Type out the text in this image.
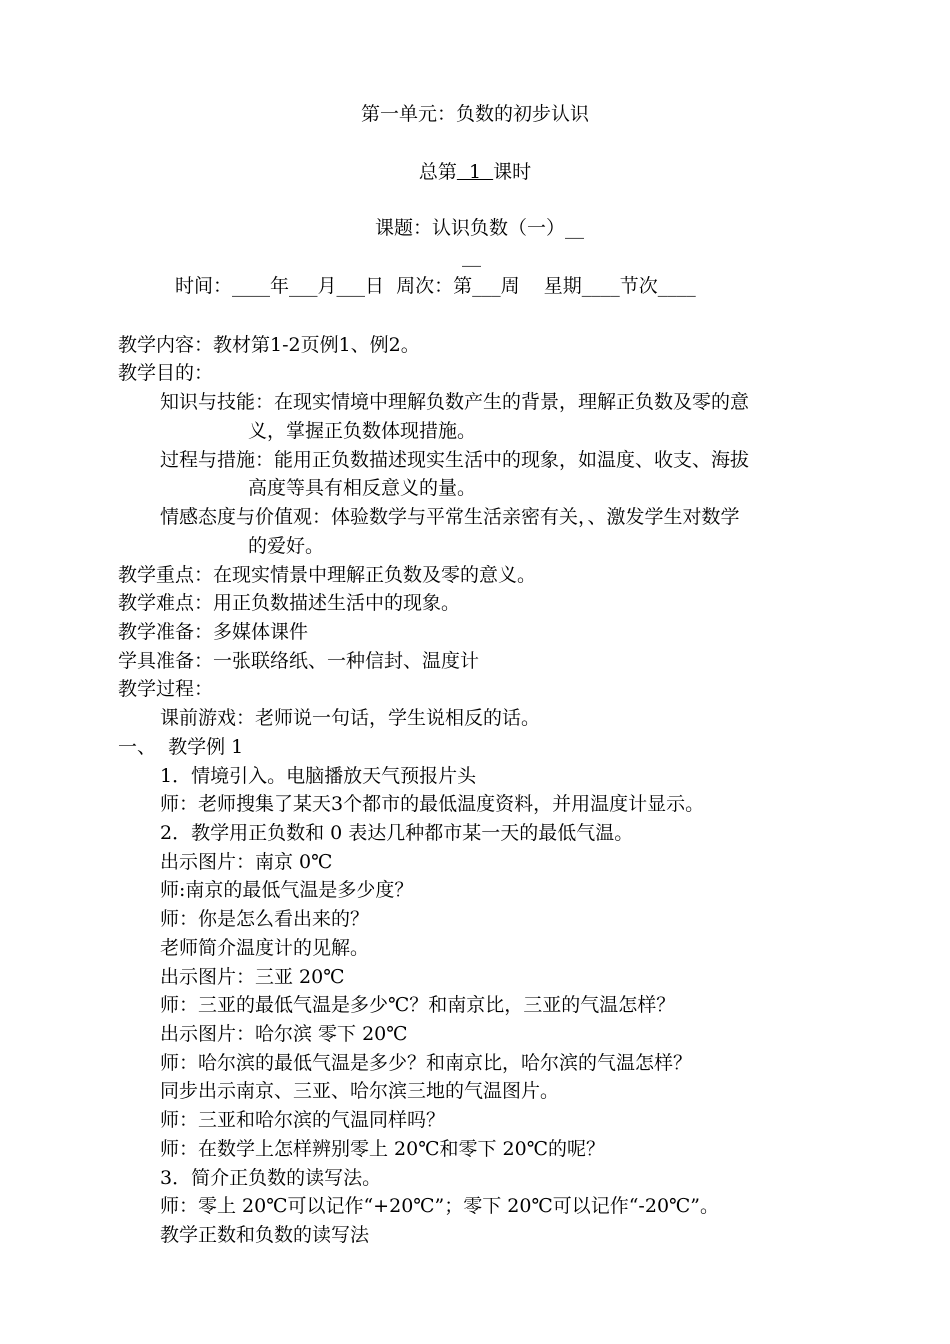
第一单元：负数的初步认识
总第  1  课时
课题：认识负数（一）__
__
时间：____年___月___日  周次：第___周    星期____节次____
教学内容：教材第1-2页例1、例2。
教学目的：
知识与技能：在现实情境中理解负数产生的背景，理解正负数及零的意
义，掌握正负数体现措施。
过程与措施：能用正负数描述现实生活中的现象，如温度、收支、海拔
高度等具有相反意义的量。
情感态度与价值观：体验数学与平常生活亲密有关，、激发学生对数学
的爱好。
教学重点：在现实情景中理解正负数及零的意义。
教学难点：用正负数描述生活中的现象。
教学准备：多媒体课件
学具准备：一张联络纸、一种信封、温度计
教学过程：
课前游戏：老师说一句话，学生说相反的话。
一、  教学例 1
1．情境引入。电脑播放天气预报片头
师：老师搜集了某天3个都市的最低温度资料，并用温度计显示。
2．教学用正负数和 0 表达几种都市某一天的最低气温。
出示图片：南京 0℃
师:南京的最低气温是多少度？
师：你是怎么看出来的？
老师简介温度计的见解。
出示图片：三亚 20℃
师：三亚的最低气温是多少℃？和南京比，三亚的气温怎样？
出示图片：哈尔滨 零下 20℃
师：哈尔滨的最低气温是多少？和南京比，哈尔滨的气温怎样？
同步出示南京、三亚、哈尔滨三地的气温图片。
师：三亚和哈尔滨的气温同样吗？
师：在数学上怎样辨别零上 20℃和零下 20℃的呢？
3．简介正负数的读写法。
师：零上 20℃可以记作“+20℃”；零下 20℃可以记作“-20℃”。
教学正数和负数的读写法
